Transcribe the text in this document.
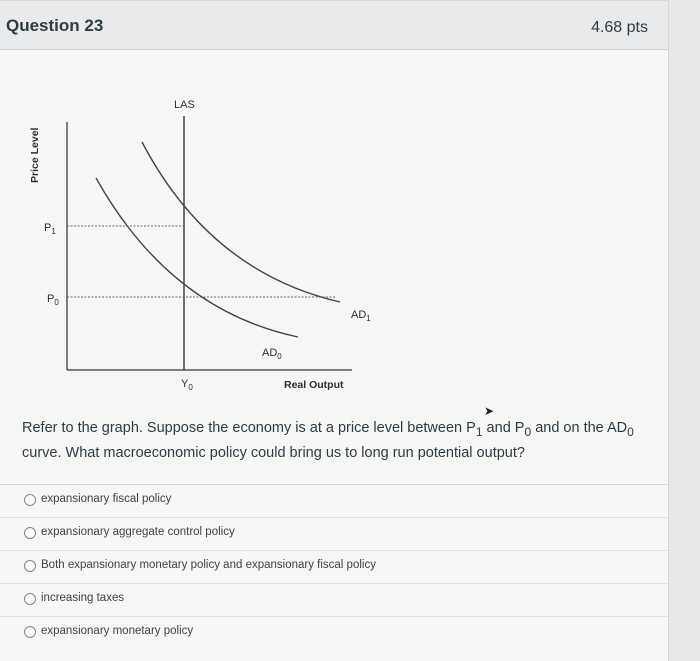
Question 23	4.68 pts
LAS
Price Level
$P_1$
$P_0$
$AD_1$
$AD_0$
$Y_0$	Real Output
➤
Refer to the graph. Suppose the economy is at a price level between $P_1$ and $P_0$ and on the $AD_0$ curve. What macroeconomic policy could bring us to long run potential output?
expansionary fiscal policy
expansionary aggregate control policy
Both expansionary monetary policy and expansionary fiscal policy
increasing taxes
expansionary monetary policy
